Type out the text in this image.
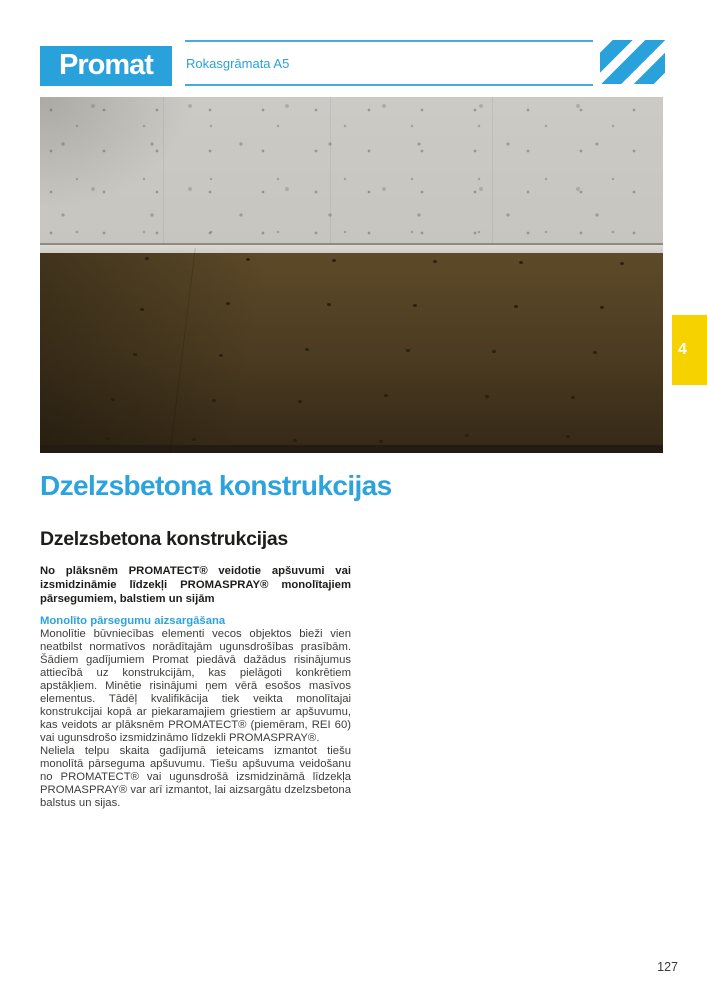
Promat	Rokasgrāmata A5
4
Dzelzsbetona konstrukcijas
Dzelzsbetona konstrukcijas

No plāksnēm PROMATECT® veidotie apšuvumi vai izsmidzināmie līdzekļi PROMASPRAY® monolītajiem pārsegumiem, balstiem un sijām

Monolīto pārsegumu aizsargāšana

Monolītie būvniecības elementi vecos objektos bieži vien neatbilst normatīvos norādītajām ugunsdrošības prasībām. Šādiem gadījumiem Promat piedāvā dažādus risinājumus attiecībā uz konstrukcijām, kas pielāgoti konkrētiem apstākļiem. Minētie risinājumi ņem vērā esošos masīvos elementus. Tādēļ kvalifikācija tiek veikta monolītajai konstrukcijai kopā ar piekaramajiem griestiem ar apšuvumu, kas veidots ar plāksnēm PROMATECT® (piemēram, REI 60) vai ugunsdrošo izsmidzināmo līdzekli PROMASPRAY®.

Neliela telpu skaita gadījumā ieteicams izmantot tiešu monolītā pārseguma apšuvumu. Tiešu apšuvuma veidošanu no PROMATECT® vai ugunsdrošā izsmidzināmā līdzekļa PROMASPRAY® var arī izmantot, lai aizsargātu dzelzsbetona balstus un sijas.

127
